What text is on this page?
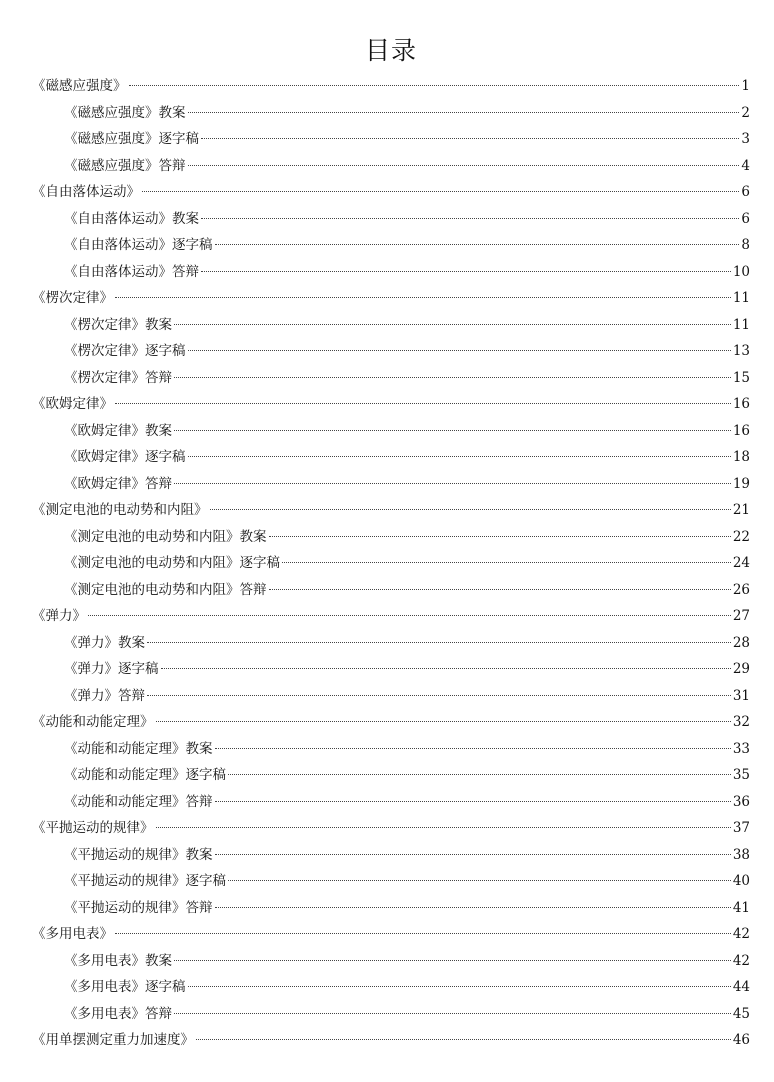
目录
《磁感应强度》	1
《磁感应强度》教案	2
《磁感应强度》逐字稿	3
《磁感应强度》答辩	4
《自由落体运动》	6
《自由落体运动》教案	6
《自由落体运动》逐字稿	8
《自由落体运动》答辩	10
《楞次定律》	11
《楞次定律》教案	11
《楞次定律》逐字稿	13
《楞次定律》答辩	15
《欧姆定律》	16
《欧姆定律》教案	16
《欧姆定律》逐字稿	18
《欧姆定律》答辩	19
《测定电池的电动势和内阻》	21
《测定电池的电动势和内阻》教案	22
《测定电池的电动势和内阻》逐字稿	24
《测定电池的电动势和内阻》答辩	26
《弹力》	27
《弹力》教案	28
《弹力》逐字稿	29
《弹力》答辩	31
《动能和动能定理》	32
《动能和动能定理》教案	33
《动能和动能定理》逐字稿	35
《动能和动能定理》答辩	36
《平抛运动的规律》	37
《平抛运动的规律》教案	38
《平抛运动的规律》逐字稿	40
《平抛运动的规律》答辩	41
《多用电表》	42
《多用电表》教案	42
《多用电表》逐字稿	44
《多用电表》答辩	45
《用单摆测定重力加速度》	46
